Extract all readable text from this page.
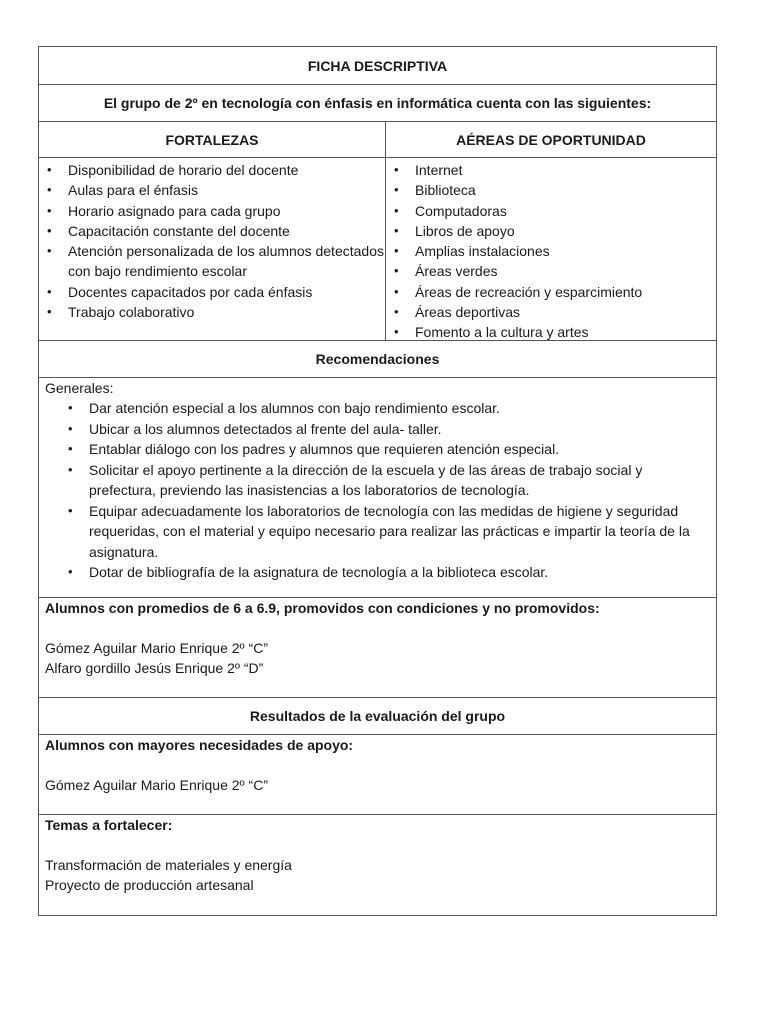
FICHA DESCRIPTIVA
El grupo de 2º en tecnología con énfasis en informática cuenta con las siguientes:
FORTALEZAS	AÉREAS DE OPORTUNIDAD
• Disponibilidad de horario del docente
• Aulas para el énfasis
• Horario asignado para cada grupo
• Capacitación constante del docente
• Atención personalizada de los alumnos detectados con bajo rendimiento escolar
• Docentes capacitados por cada énfasis
• Trabajo colaborativo
• Internet
• Biblioteca
• Computadoras
• Libros de apoyo
• Amplias instalaciones
• Áreas verdes
• Áreas de recreación y esparcimiento
• Áreas deportivas
• Fomento a la cultura y artes
Recomendaciones
Generales:
• Dar atención especial a los alumnos con bajo rendimiento escolar.
• Ubicar a los alumnos detectados al frente del aula- taller.
• Entablar diálogo con los padres y alumnos que requieren atención especial.
• Solicitar el apoyo pertinente a la dirección de la escuela y de las áreas de trabajo social y prefectura, previendo las inasistencias a los laboratorios de tecnología.
• Equipar adecuadamente los laboratorios de tecnología con las medidas de higiene y seguridad requeridas, con el material y equipo necesario para realizar las prácticas e impartir la teoría de la asignatura.
• Dotar de bibliografía de la asignatura de tecnología a la biblioteca escolar.
Alumnos con promedios de 6 a 6.9, promovidos con condiciones y no promovidos:
Gómez Aguilar Mario Enrique 2º “C”
Alfaro gordillo Jesús Enrique 2º “D”
Resultados de la evaluación del grupo
Alumnos con mayores necesidades de apoyo:
Gómez Aguilar Mario Enrique 2º “C”
Temas a fortalecer:
Transformación de materiales y energía
Proyecto de producción artesanal
